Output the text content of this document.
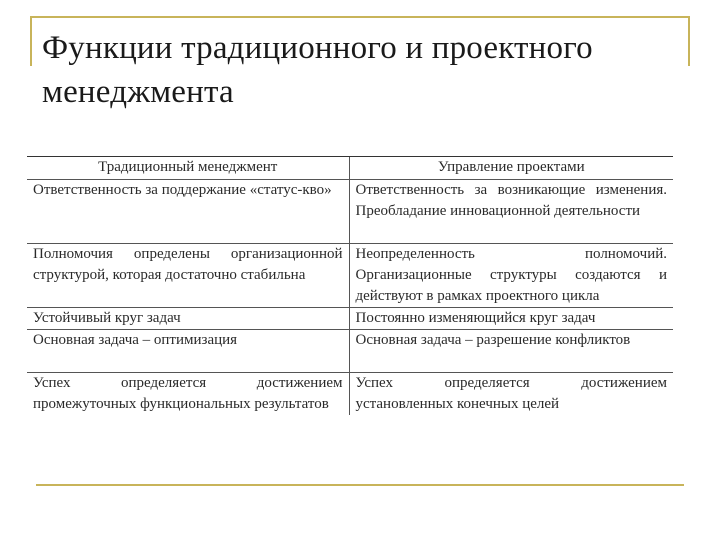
Функции традиционного и проектного менеджмента
Традиционный менеджмент	Управление проектами
Ответственность за поддержание «статус-кво»	Ответственность за возникающие изменения. Преобладание инновационной деятельности
Полномочия определены организационной структурой, которая достаточно стабильна	Неопределенность полномочий. Организационные структуры создаются и действуют в рамках проектного цикла
Устойчивый круг задач	Постоянно изменяющийся круг задач
Основная задача – оптимизация	Основная задача – разрешение конфликтов
Успех определяется достижением промежуточных функциональных результатов	Успех определяется достижением установленных конечных целей
